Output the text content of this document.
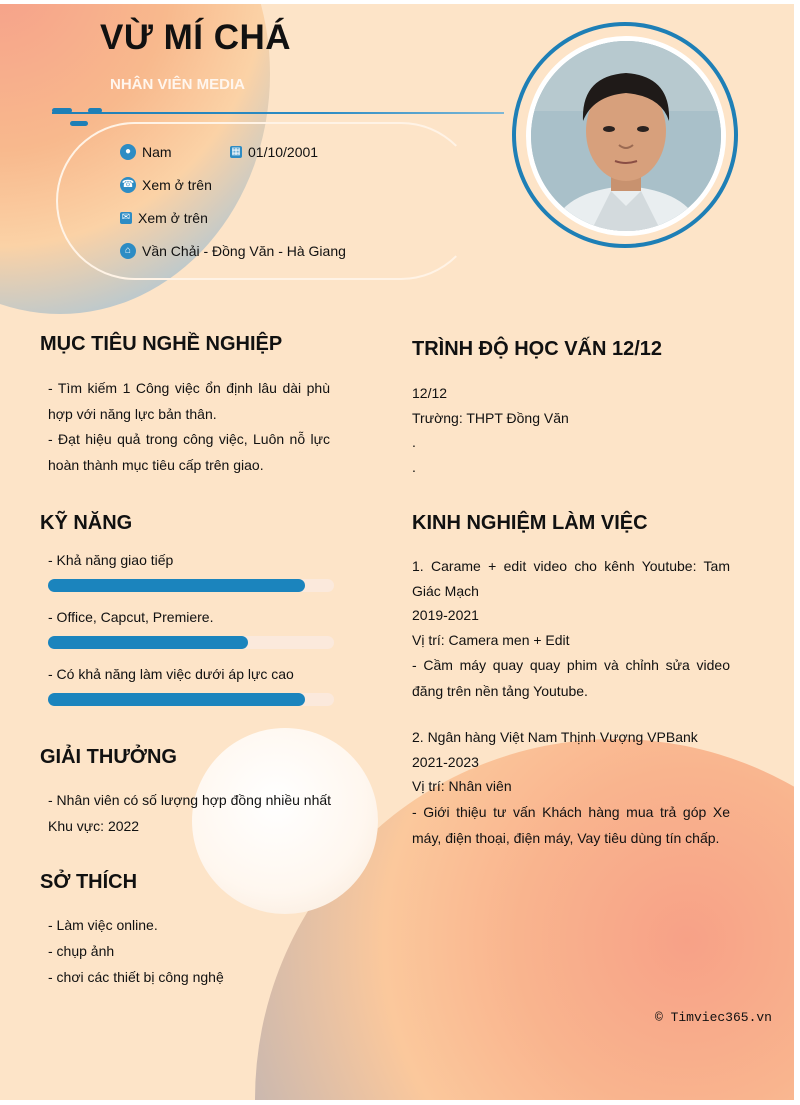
VỪ MÍ CHÁ
NHÂN VIÊN MEDIA
● Nam	▦ 01/10/2001
☎ Xem ở trên
✉ Xem ở trên
⌂ Vần Chải - Đồng Văn - Hà Giang
MỤC TIÊU NGHỀ NGHIỆP

- Tìm kiếm 1 Công việc ổn định lâu dài phù hợp với năng lực bản thân.

- Đạt hiệu quả trong công việc, Luôn nỗ lực hoàn thành mục tiêu cấp trên giao.

KỸ NĂNG
- Khả năng giao tiếp
- Office, Capcut, Premiere.
- Có khả năng làm việc dưới áp lực cao
GIẢI THƯỞNG

- Nhân viên có số lượng hợp đồng nhiều nhất

Khu vực: 2022

SỞ THÍCH

- Làm việc online.

- chụp ảnh

- chơi các thiết bị công nghệ

TRÌNH ĐỘ HỌC VẤN 12/12

12/12

Trường: THPT Đồng Văn

.

.

KINH NGHIỆM LÀM VIỆC

1. Carame + edit video cho kênh Youtube: Tam Giác Mạch

2019-2021

Vị trí: Camera men + Edit

- Cầm máy quay quay phim và chỉnh sửa video đăng trên nền tảng Youtube.

2. Ngân hàng Việt Nam Thịnh Vượng VPBank

2021-2023

Vị trí: Nhân viên

- Giới thiệu tư vấn Khách hàng mua trả góp Xe máy, điện thoại, điện máy, Vay tiêu dùng tín chấp.

© Timviec365.vn
